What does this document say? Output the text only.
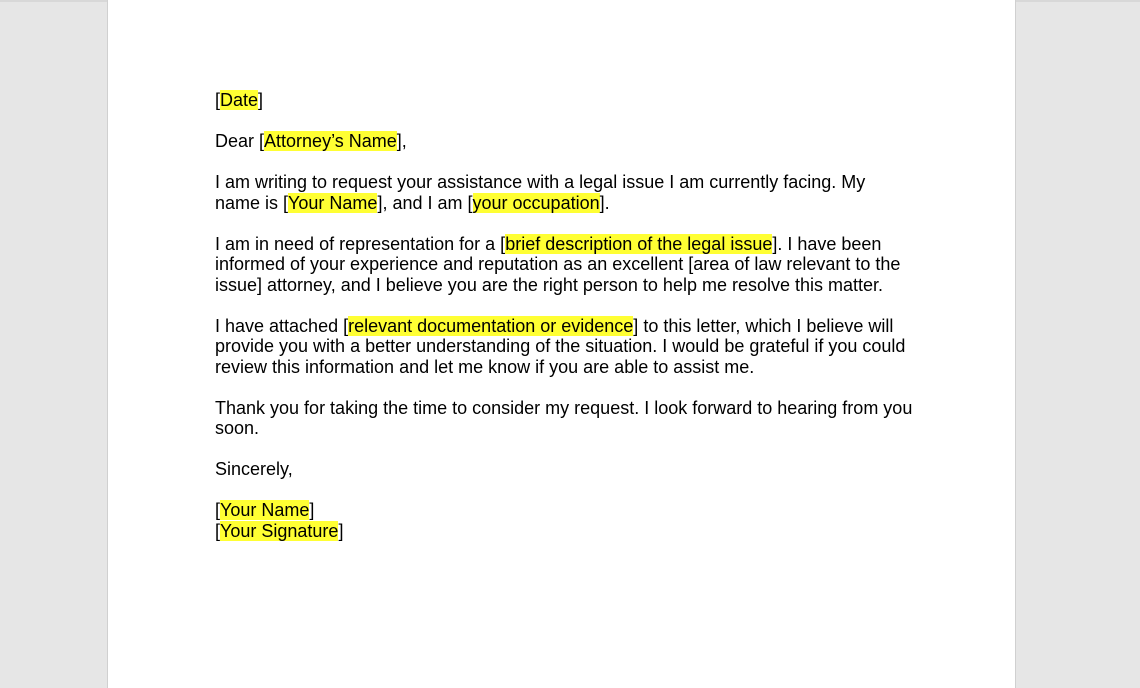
[Date]

Dear [Attorney’s Name],

I am writing to request your assistance with a legal issue I am currently facing. My name is [Your Name], and I am [your occupation].

I am in need of representation for a [brief description of the legal issue]. I have been informed of your experience and reputation as an excellent [area of law relevant to the issue] attorney, and I believe you are the right person to help me resolve this matter.

I have attached [relevant documentation or evidence] to this letter, which I believe will provide you with a better understanding of the situation. I would be grateful if you could review this information and let me know if you are able to assist me.

Thank you for taking the time to consider my request. I look forward to hearing from you soon.

Sincerely,

[Your Name]

[Your Signature]
